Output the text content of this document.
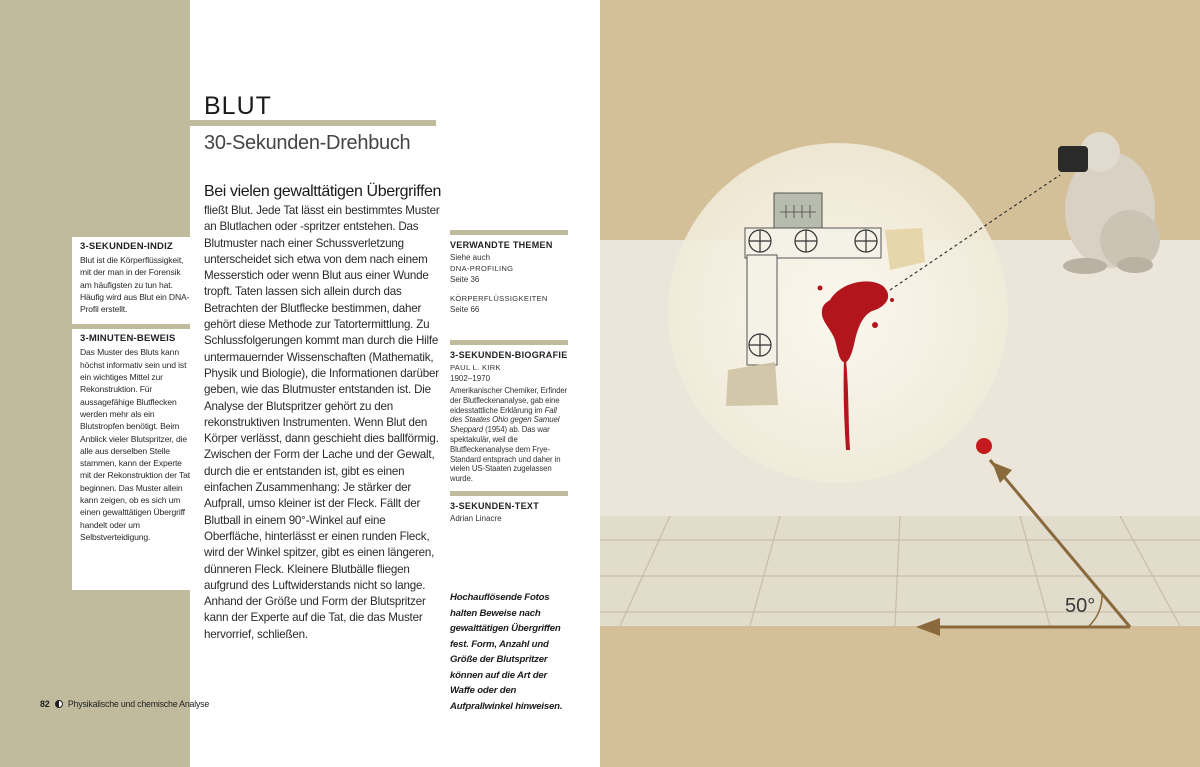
3-SEKUNDEN-INDIZ
Blut ist die Körperflüssigkeit, mit der man in der Forensik am häufigsten zu tun hat. Häufig wird aus Blut ein DNA-Profil erstellt.
3-MINUTEN-BEWEIS
Das Muster des Bluts kann höchst informativ sein und ist ein wichtiges Mittel zur Rekonstruktion. Für aussagefähige Blutflecken werden mehr als ein Blutstropfen benötigt. Beim Anblick vieler Blutspritzer, die alle aus derselben Stelle stammen, kann der Experte mit der Rekonstruktion der Tat beginnen. Das Muster allein kann zeigen, ob es sich um einen gewalttätigen Übergriff handelt oder um Selbstverteidigung.
82 Physikalische und chemische Analyse
BLUT
30-Sekunden-Drehbuch
Bei vielen gewalttätigen Übergriffen
fließt Blut. Jede Tat lässt ein bestimmtes Muster an Blutlachen oder -spritzer entstehen. Das Blutmuster nach einer Schussverletzung unterscheidet sich etwa von dem nach einem Messerstich oder wenn Blut aus einer Wunde tropft. Taten lassen sich allein durch das Betrachten der Blutflecke bestimmen, daher gehört diese Methode zur Tatortermittlung. Zu Schlussfolgerungen kommt man durch die Hilfe untermauernder Wissenschaften (Mathematik, Physik und Biologie), die Informationen darüber geben, wie das Blutmuster entstanden ist. Die Analyse der Blutspritzer gehört zu den rekonstruktiven Instrumenten. Wenn Blut den Körper verlässt, dann geschieht dies ballförmig. Zwischen der Form der Lache und der Gewalt, durch die er entstanden ist, gibt es einen einfachen Zusammenhang: Je stärker der Aufprall, umso kleiner ist der Fleck. Fällt der Blutball in einem 90°-Winkel auf eine Oberfläche, hinterlässt er einen runden Fleck, wird der Winkel spitzer, gibt es einen längeren, dünneren Fleck. Kleinere Blutbälle fliegen aufgrund des Luftwiderstands nicht so lange. Anhand der Größe und Form der Blutspritzer kann der Experte auf die Tat, die das Muster hervorrief, schließen.
VERWANDTE THEMEN
Siehe auch
DNA-PROFILING
Seite 36
KÖRPERFLÜSSIGKEITEN
Seite 66
3-SEKUNDEN-BIOGRAFIE
PAUL L. KIRK
1902–1970
Amerikanischer Chemiker, Erfinder der Blutfleckenanalyse, gab eine eidesstattliche Erklärung im Fall des Staates Ohio gegen Samuel Sheppard (1954) ab. Das war spektakulär, weil die Blutfleckenanalyse dem Frye-Standard entsprach und daher in vielen US-Staaten zugelassen wurde.
3-SEKUNDEN-TEXT
Adrian Linacre
Hochauflösende Fotos halten Beweise nach gewalttätigen Übergriffen fest. Form, Anzahl und Größe der Blutspritzer können auf die Art der Waffe oder den Aufprallwinkel hinweisen.
50°
